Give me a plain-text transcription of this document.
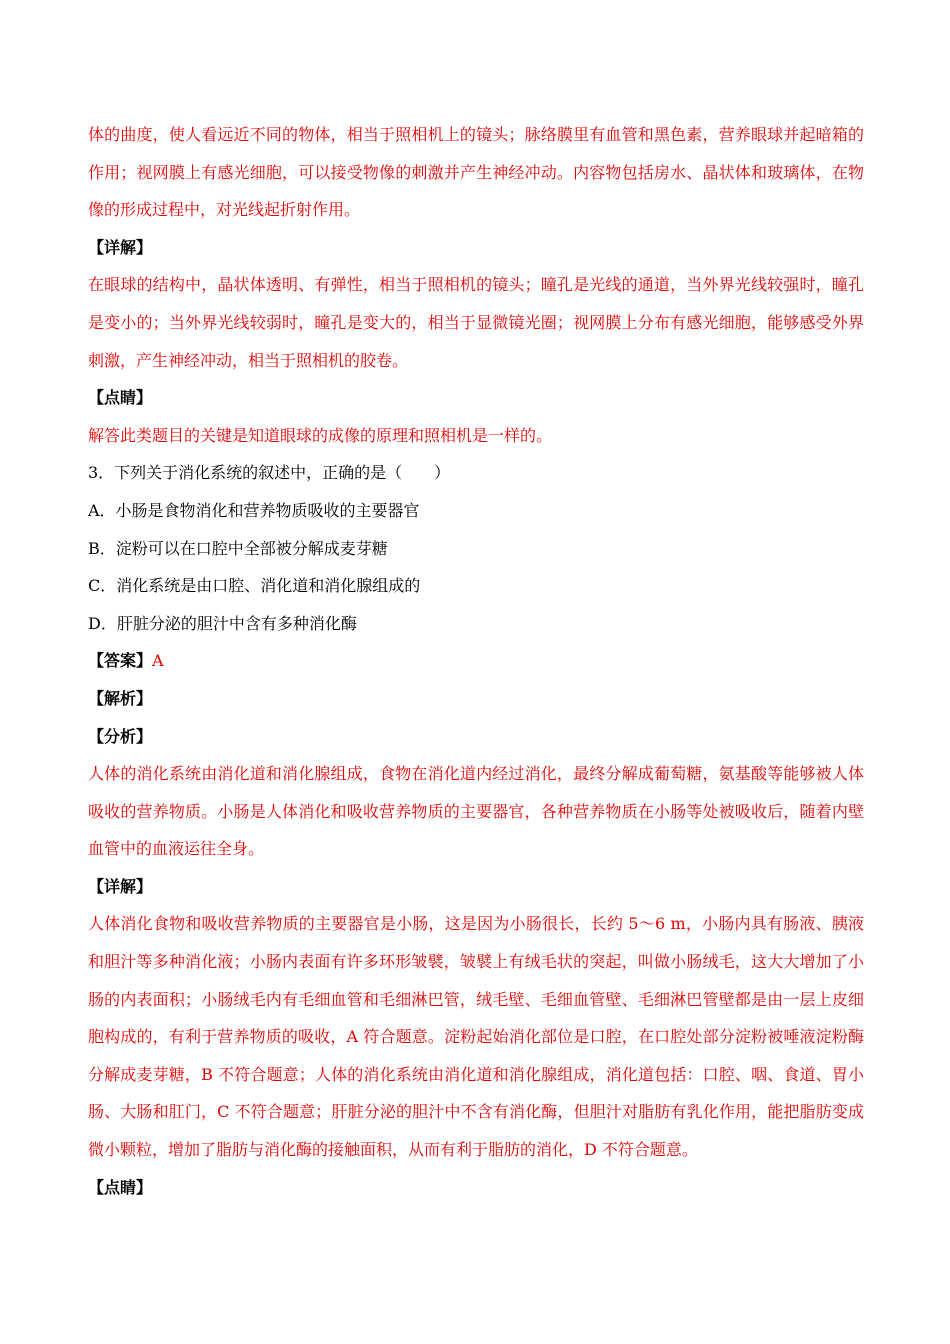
体的曲度，使人看远近不同的物体，相当于照相机上的镜头；脉络膜里有血管和黑色素，营养眼球并起暗箱的作用；视网膜上有感光细胞，可以接受物像的刺激并产生神经冲动。内容物包括房水、晶状体和玻璃体，在物像的形成过程中，对光线起折射作用。
【详解】
在眼球的结构中，晶状体透明、有弹性，相当于照相机的镜头；瞳孔是光线的通道，当外界光线较强时，瞳孔是变小的；当外界光线较弱时，瞳孔是变大的，相当于显微镜光圈；视网膜上分布有感光细胞，能够感受外界刺激，产生神经冲动，相当于照相机的胶卷。
【点睛】
解答此类题目的关键是知道眼球的成像的原理和照相机是一样的。
3．下列关于消化系统的叙述中，正确的是（　　）
A．小肠是食物消化和营养物质吸收的主要器官
B．淀粉可以在口腔中全部被分解成麦芽糖
C．消化系统是由口腔、消化道和消化腺组成的
D．肝脏分泌的胆汁中含有多种消化酶
【答案】A
【解析】
【分析】
人体的消化系统由消化道和消化腺组成，食物在消化道内经过消化，最终分解成葡萄糖，氨基酸等能够被人体吸收的营养物质。小肠是人体消化和吸收营养物质的主要器官，各种营养物质在小肠等处被吸收后，随着内壁血管中的血液运往全身。
【详解】
人体消化食物和吸收营养物质的主要器官是小肠，这是因为小肠很长，长约 5～6 m，小肠内具有肠液、胰液和胆汁等多种消化液；小肠内表面有许多环形皱襞，皱襞上有绒毛状的突起，叫做小肠绒毛，这大大增加了小肠的内表面积；小肠绒毛内有毛细血管和毛细淋巴管，绒毛壁、毛细血管壁、毛细淋巴管壁都是由一层上皮细胞构成的，有利于营养物质的吸收，A 符合题意。淀粉起始消化部位是口腔，在口腔处部分淀粉被唾液淀粉酶分解成麦芽糖，B 不符合题意；人体的消化系统由消化道和消化腺组成，消化道包括：口腔、咽、食道、胃小肠、大肠和肛门，C 不符合题意；肝脏分泌的胆汁中不含有消化酶，但胆汁对脂肪有乳化作用，能把脂肪变成微小颗粒，增加了脂肪与消化酶的接触面积，从而有利于脂肪的消化，D 不符合题意。
【点睛】
